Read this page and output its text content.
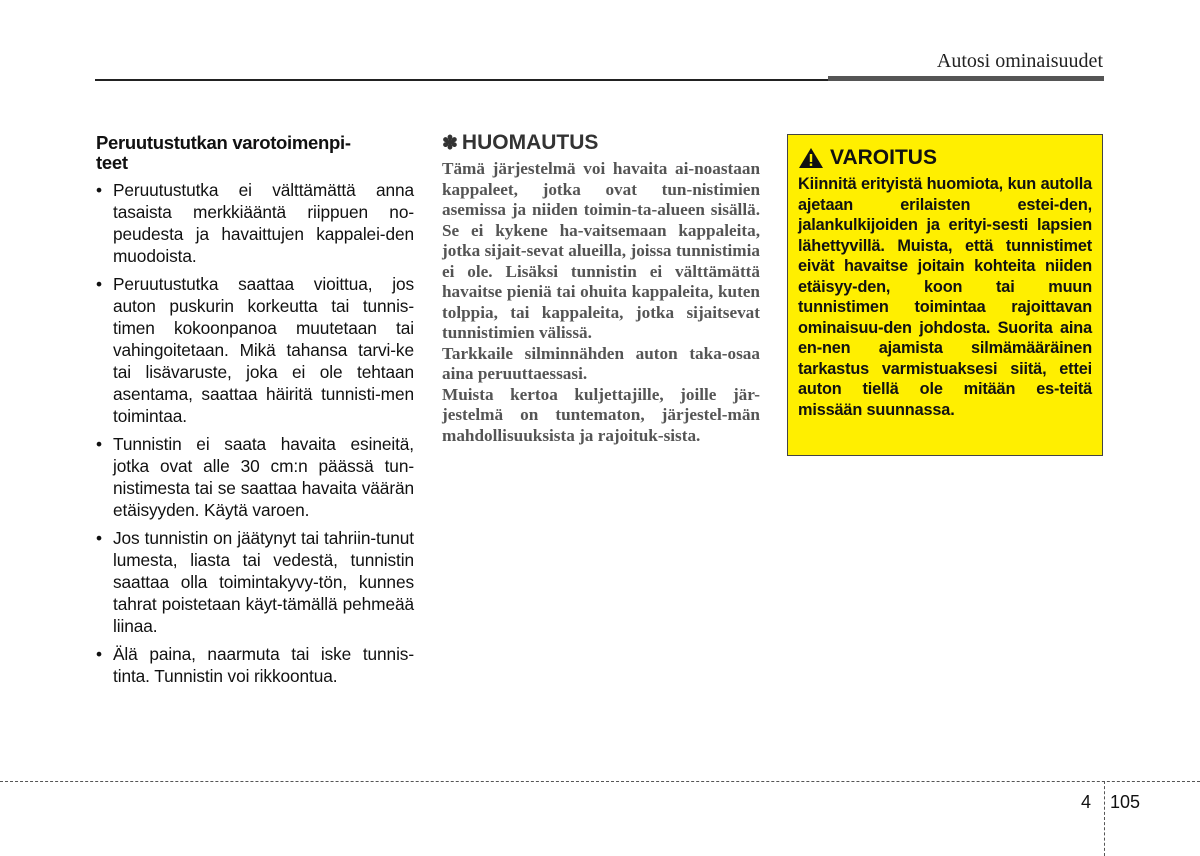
Autosi ominaisuudet
Peruutustutkan varotoimenpi-
teet
• Peruutustutka ei välttämättä anna tasaista merkkiääntä riippuen no-peudesta ja havaittujen kappalei-den muodoista.
• Peruutustutka saattaa vioittua, jos auton puskurin korkeutta tai tunnis-timen kokoonpanoa muutetaan tai vahingoitetaan. Mikä tahansa tarvi-ke tai lisävaruste, joka ei ole tehtaan asentama, saattaa häiritä tunnisti-men toimintaa.
• Tunnistin ei saata havaita esineitä, jotka ovat alle 30 cm:n päässä tun-nistimesta tai se saattaa havaita väärän etäisyyden. Käytä varoen.
• Jos tunnistin on jäätynyt tai tahriin-tunut lumesta, liasta tai vedestä, tunnistin saattaa olla toimintakyvy-tön, kunnes tahrat poistetaan käyt-tämällä pehmeää liinaa.
• Älä paina, naarmuta tai iske tunnis-tinta. Tunnistin voi rikkoontua.
✽ HUOMAUTUS

Tämä järjestelmä voi havaita ai-noastaan kappaleet, jotka ovat tun-nistimien asemissa ja niiden toimin-ta-alueen sisällä. Se ei kykene ha-vaitsemaan kappaleita, jotka sijait-sevat alueilla, joissa tunnistimia ei ole. Lisäksi tunnistin ei välttämättä havaitse pieniä tai ohuita kappaleita, kuten tolppia, tai kappaleita, jotka sijaitsevat tunnistimien välissä.

Tarkkaile silminnähden auton taka-osaa aina peruuttaessasi.

Muista kertoa kuljettajille, joille jär-jestelmä on tuntematon, järjestel-män mahdollisuuksista ja rajoituk-sista.

VAROITUS

Kiinnitä erityistä huomiota, kun autolla ajetaan erilaisten estei-den, jalankulkijoiden ja erityi-sesti lapsien lähettyvillä. Muista, että tunnistimet eivät havaitse joitain kohteita niiden etäisyy-den, koon tai muun tunnistimen toimintaa rajoittavan ominaisuu-den johdosta. Suorita aina en-nen ajamista silmämääräinen tarkastus varmistuaksesi siitä, ettei auton tiellä ole mitään es-teitä missään suunnassa.

4 105
